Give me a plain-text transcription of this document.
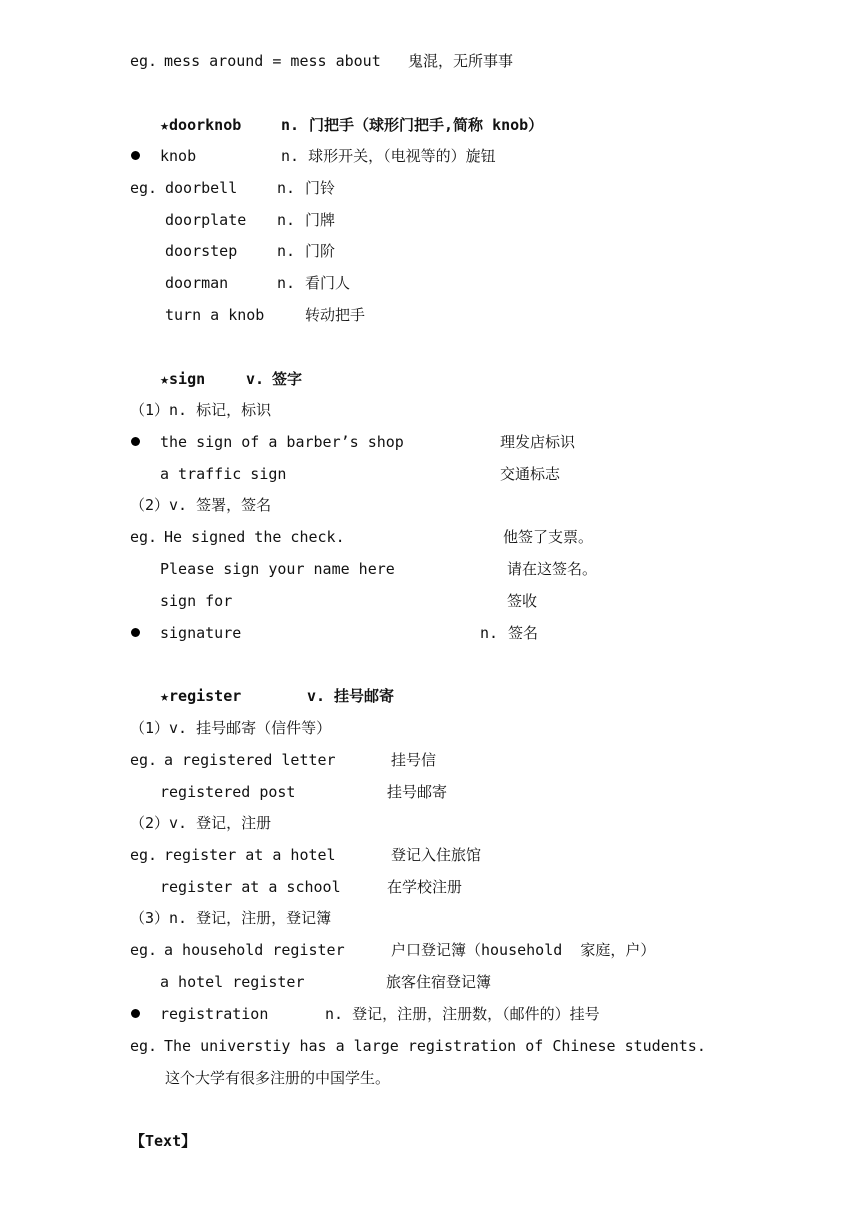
eg. mess around = mess about 鬼混，无所事事

★doorknob	n. 门把手（球形门把手,简称 knob）

knob	n. 球形开关，（电视等的）旋钮

eg. doorbell	n. 门铃

doorplate n. 门牌

doorstep	n. 门阶

doorman	n. 看门人

turn a knob	转动把手

★sign	v. 签字

（1）n. 标记，标识

the sign of a barber’s shop	理发店标识

a traffic sign	交通标志

（2）v. 签署，签名

eg. He signed the check.	他签了支票。

Please sign your name here	请在这签名。

sign for	签收

signature	n. 签名

★register	v. 挂号邮寄

（1）v. 挂号邮寄（信件等）

eg. a registered letter	挂号信

registered post	挂号邮寄

（2）v. 登记，注册

eg. register at a hotel	登记入住旅馆

register at a school	在学校注册

（3）n. 登记，注册，登记簿

eg. a household register	户口登记簿（household  家庭，户）

a hotel register	旅客住宿登记簿

registration	n. 登记，注册，注册数，（邮件的）挂号

eg. The universtiy has a large registration of Chinese students.

这个大学有很多注册的中国学生。

【Text】
